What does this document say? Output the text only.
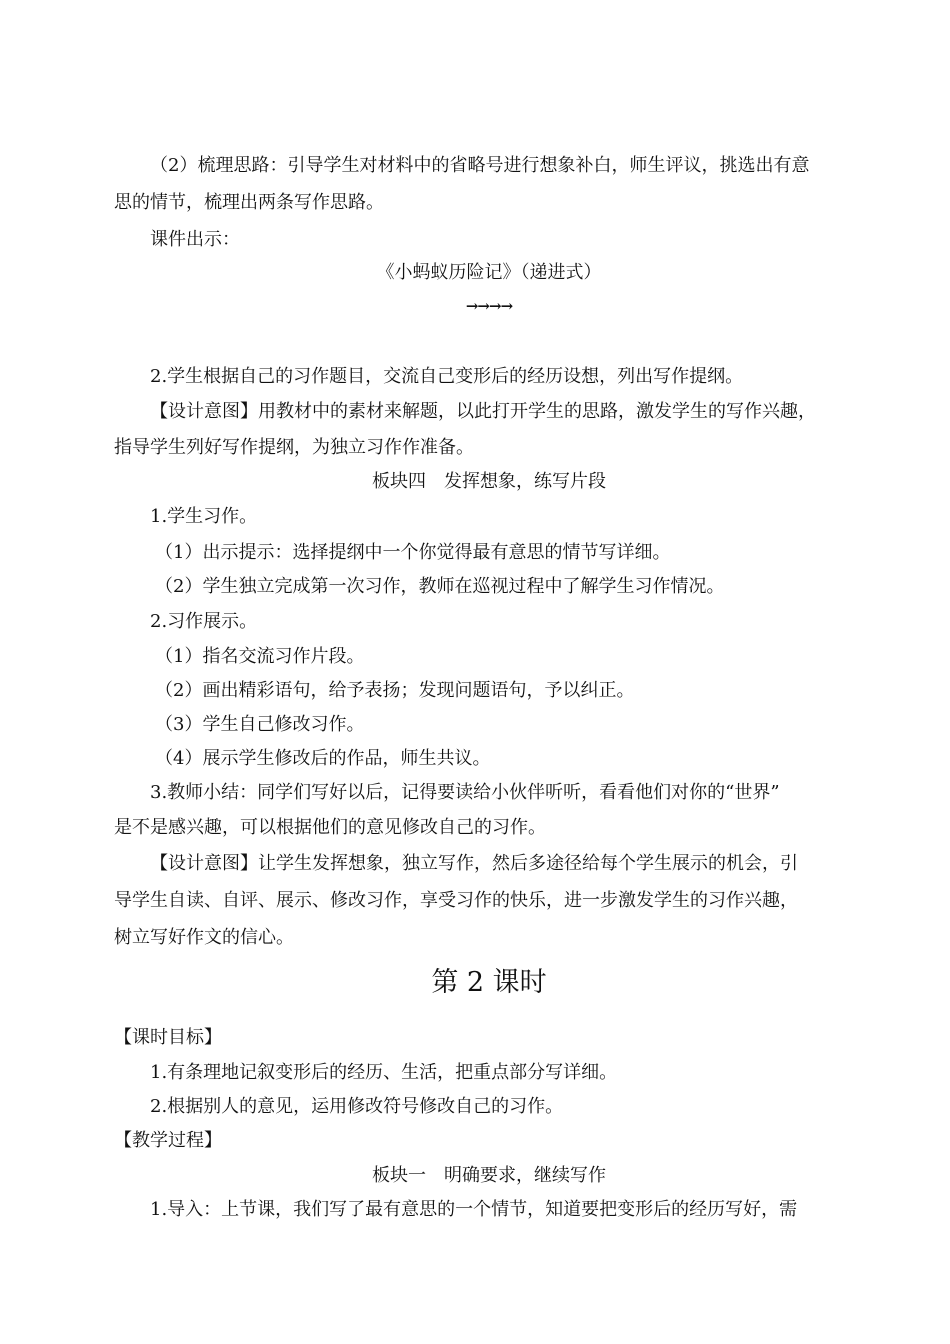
（2）梳理思路：引导学生对材料中的省略号进行想象补白，师生评议，挑选出有意
思的情节，梳理出两条写作思路。
课件出示：
《小蚂蚁历险记》（递进式）
→→→→
2.学生根据自己的习作题目，交流自己变形后的经历设想，列出写作提纲。
【设计意图】用教材中的素材来解题，以此打开学生的思路，激发学生的写作兴趣，
指导学生列好写作提纲，为独立习作作准备。
板块四　发挥想象，练写片段
1.学生习作。
（1）出示提示：选择提纲中一个你觉得最有意思的情节写详细。
（2）学生独立完成第一次习作，教师在巡视过程中了解学生习作情况。
2.习作展示。
（1）指名交流习作片段。
（2）画出精彩语句，给予表扬；发现问题语句，予以纠正。
（3）学生自己修改习作。
（4）展示学生修改后的作品，师生共议。
3.教师小结：同学们写好以后，记得要读给小伙伴听听，看看他们对你的“世界”
是不是感兴趣，可以根据他们的意见修改自己的习作。
【设计意图】让学生发挥想象，独立写作，然后多途径给每个学生展示的机会，引
导学生自读、自评、展示、修改习作，享受习作的快乐，进一步激发学生的习作兴趣，
树立写好作文的信心。
第 2 课时
【课时目标】
1.有条理地记叙变形后的经历、生活，把重点部分写详细。
2.根据别人的意见，运用修改符号修改自己的习作。
【教学过程】
板块一　明确要求，继续写作
1.导入：上节课，我们写了最有意思的一个情节，知道要把变形后的经历写好，需
